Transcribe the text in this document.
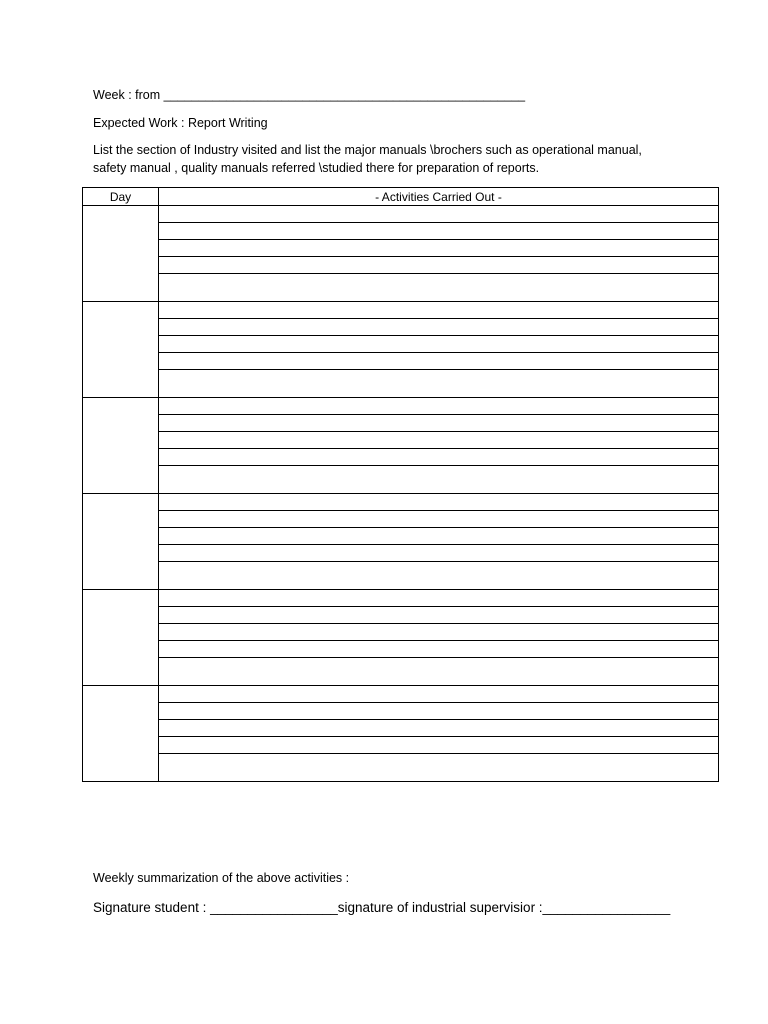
Week : from ____________________________________________________
Expected Work : Report Writing
List the section of Industry visited and list the major manuals \brochers such as operational manual,
safety manual , quality manuals referred \studied there for preparation of reports.
Day	- Activities Carried Out -

Weekly summarization of the above activities :
Signature student : _________________signature of industrial supervisior :_________________
